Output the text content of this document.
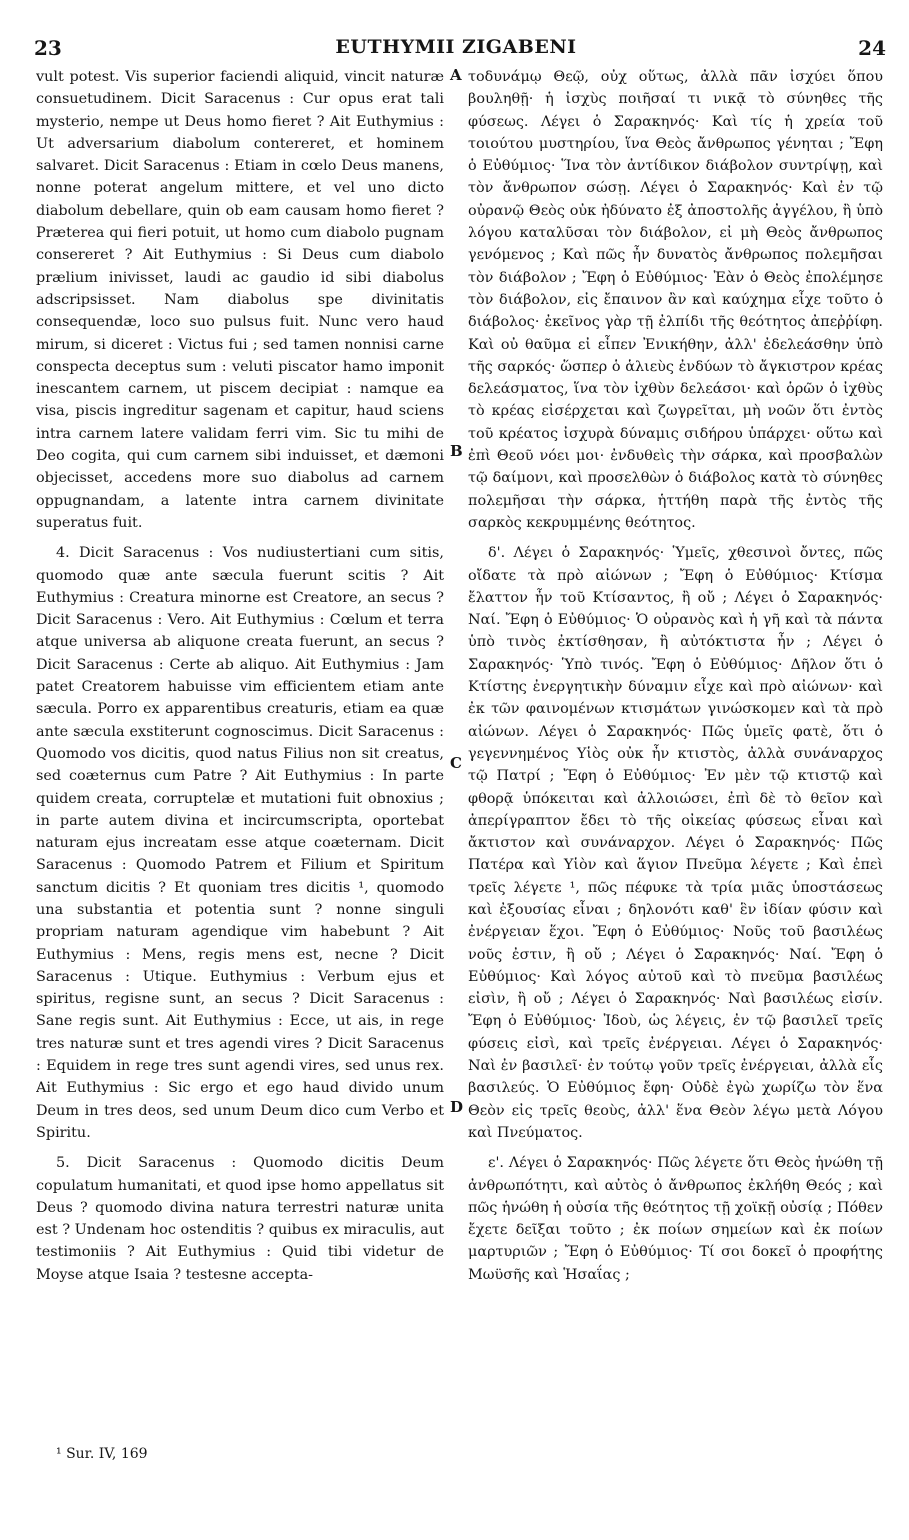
23	EUTHYMII ZIGABENI	24

vult potest. Vis superior faciendi aliquid, vincit naturæ consuetudinem. Dicit Saracenus : Cur opus erat tali mysterio, nempe ut Deus homo fieret ? Ait Euthymius : Ut adversarium diabolum contereret, et hominem salvaret. Dicit Saracenus : Etiam in cœlo Deus manens, nonne poterat angelum mittere, et vel uno dicto diabolum debellare, quin ob eam causam homo fieret ? Præterea qui fieri potuit, ut homo cum diabolo pugnam consereret ? Ait Euthymius : Si Deus cum diabolo prælium inivisset, laudi ac gaudio id sibi diabolus adscripsisset. Nam diabolus spe divinitatis consequendæ, loco suo pulsus fuit. Nunc vero haud mirum, si diceret : Victus fui ; sed tamen nonnisi carne conspecta deceptus sum : veluti piscator hamo imponit inescantem carnem, ut piscem decipiat : namque ea visa, piscis ingreditur sagenam et capitur, haud sciens intra carnem latere validam ferri vim. Sic tu mihi de Deo cogita, qui cum carnem sibi induisset, et dæmoni objecisset, accedens more suo diabolus ad carnem oppugnandam, a latente intra carnem divinitate superatus fuit.

4. Dicit Saracenus : Vos nudiustertiani cum sitis, quomodo quæ ante sæcula fuerunt scitis ? Ait Euthymius : Creatura minorne est Creatore, an secus ? Dicit Saracenus : Vero. Ait Euthymius : Cœlum et terra atque universa ab aliquone creata fuerunt, an secus ? Dicit Saracenus : Certe ab aliquo. Ait Euthymius : Jam patet Creatorem habuisse vim efficientem etiam ante sæcula. Porro ex apparentibus creaturis, etiam ea quæ ante sæcula exstiterunt cognoscimus. Dicit Saracenus : Quomodo vos dicitis, quod natus Filius non sit creatus, sed coæternus cum Patre ? Ait Euthymius : In parte quidem creata, corruptelæ et mutationi fuit obnoxius ; in parte autem divina et incircumscripta, oportebat naturam ejus increatam esse atque coæternam. Dicit Saracenus : Quomodo Patrem et Filium et Spiritum sanctum dicitis ? Et quoniam tres dicitis ¹, quomodo una substantia et potentia sunt ? nonne singuli propriam naturam agendique vim habebunt ? Ait Euthymius : Mens, regis mens est, necne ? Dicit Saracenus : Utique. Euthymius : Verbum ejus et spiritus, regisne sunt, an secus ? Dicit Saracenus : Sane regis sunt. Ait Euthymius : Ecce, ut ais, in rege tres naturæ sunt et tres agendi vires ? Dicit Saracenus : Equidem in rege tres sunt agendi vires, sed unus rex. Ait Euthymius : Sic ergo et ego haud divido unum Deum in tres deos, sed unum Deum dico cum Verbo et Spiritu.

5. Dicit Saracenus : Quomodo dicitis Deum copulatum humanitati, et quod ipse homo appellatus sit Deus ? quomodo divina natura terrestri naturæ unita est ? Undenam hoc ostenditis ? quibus ex miraculis, aut testimoniis ? Ait Euthymius : Quid tibi videtur de Moyse atque Isaia ? testesne accepta-

A
B
C
D

τοδυνάμῳ Θεῷ, οὐχ οὕτως, ἀλλὰ πᾶν ἰσχύει ὅπου βουληθῇ· ἡ ἰσχὺς ποιῆσαί τι νικᾷ τὸ σύνηθες τῆς φύσεως. Λέγει ὁ Σαρακηνός· Καὶ τίς ἡ χρεία τοῦ τοιούτου μυστηρίου, ἵνα Θεὸς ἄνθρωπος γένηται ; Ἔφη ὁ Εὐθύμιος· Ἵνα τὸν ἀντίδικον διάβολον συντρίψῃ, καὶ τὸν ἄνθρωπον σώσῃ. Λέγει ὁ Σαρακηνός· Καὶ ἐν τῷ οὐρανῷ Θεὸς οὐκ ἠδύνατο ἐξ ἀποστολῆς ἀγγέλου, ἢ ὑπὸ λόγου καταλῦσαι τὸν διάβολον, εἰ μὴ Θεὸς ἄνθρωπος γενόμενος ; Καὶ πῶς ἦν δυνατὸς ἄνθρωπος πολεμῆσαι τὸν διάβολον ; Ἔφη ὁ Εὐθύμιος· Ἐὰν ὁ Θεὸς ἐπολέμησε τὸν διάβολον, εἰς ἔπαινον ἂν καὶ καύχημα εἶχε τοῦτο ὁ διάβολος· ἐκεῖνος γὰρ τῇ ἐλπίδι τῆς θεότητος ἀπεῤῥίφη. Καὶ οὐ θαῦμα εἰ εἶπεν Ἐνικήθην, ἀλλ' ἐδελεάσθην ὑπὸ τῆς σαρκός· ὥσπερ ὁ ἁλιεὺς ἐνδύων τὸ ἄγκιστρον κρέας δελεάσματος, ἵνα τὸν ἰχθὺν δελεάσοι· καὶ ὁρῶν ὁ ἰχθὺς τὸ κρέας εἰσέρχεται καὶ ζωγρεῖται, μὴ νοῶν ὅτι ἐντὸς τοῦ κρέατος ἰσχυρὰ δύναμις σιδήρου ὑπάρχει· οὕτω καὶ ἐπὶ Θεοῦ νόει μοι· ἐνδυθεὶς τὴν σάρκα, καὶ προσβαλὼν τῷ δαίμονι, καὶ προσελθὼν ὁ διάβολος κατὰ τὸ σύνηθες πολεμῆσαι τὴν σάρκα, ἡττήθη παρὰ τῆς ἐντὸς τῆς σαρκὸς κεκρυμμένης θεότητος.

δ'. Λέγει ὁ Σαρακηνός· Ὑμεῖς, χθεσινοὶ ὄντες, πῶς οἴδατε τὰ πρὸ αἰώνων ; Ἔφη ὁ Εὐθύμιος· Κτίσμα ἔλαττον ἦν τοῦ Κτίσαντος, ἢ οὔ ; Λέγει ὁ Σαρακηνός· Ναί. Ἔφη ὁ Εὐθύμιος· Ὁ οὐρανὸς καὶ ἡ γῆ καὶ τὰ πάντα ὑπὸ τινὸς ἐκτίσθησαν, ἢ αὐτόκτιστα ἦν ; Λέγει ὁ Σαρακηνός· Ὑπὸ τινός. Ἔφη ὁ Εὐθύμιος· Δῆλον ὅτι ὁ Κτίστης ἐνεργητικὴν δύναμιν εἶχε καὶ πρὸ αἰώνων· καὶ ἐκ τῶν φαινομένων κτισμάτων γινώσκομεν καὶ τὰ πρὸ αἰώνων. Λέγει ὁ Σαρακηνός· Πῶς ὑμεῖς φατὲ, ὅτι ὁ γεγεννημένος Υἱὸς οὐκ ἦν κτιστὸς, ἀλλὰ συνάναρχος τῷ Πατρί ; Ἔφη ὁ Εὐθύμιος· Ἐν μὲν τῷ κτιστῷ καὶ φθορᾷ ὑπόκειται καὶ ἀλλοιώσει, ἐπὶ δὲ τὸ θεῖον καὶ ἀπερίγραπτον ἔδει τὸ τῆς οἰκείας φύσεως εἶναι καὶ ἄκτιστον καὶ συνάναρχον. Λέγει ὁ Σαρακηνός· Πῶς Πατέρα καὶ Υἱὸν καὶ ἅγιον Πνεῦμα λέγετε ; Καὶ ἐπεὶ τρεῖς λέγετε ¹, πῶς πέφυκε τὰ τρία μιᾶς ὑποστάσεως καὶ ἐξουσίας εἶναι ; δηλονότι καθ' ἓν ἰδίαν φύσιν καὶ ἐνέργειαν ἕχοι. Ἔφη ὁ Εὐθύμιος· Νοῦς τοῦ βασιλέως νοῦς ἐστιν, ἢ οὔ ; Λέγει ὁ Σαρακηνός· Ναί. Ἔφη ὁ Εὐθύμιος· Καὶ λόγος αὐτοῦ καὶ τὸ πνεῦμα βασιλέως εἰσὶν, ἢ οὔ ; Λέγει ὁ Σαρακηνός· Ναὶ βασιλέως εἰσίν. Ἔφη ὁ Εὐθύμιος· Ἰδοὺ, ὡς λέγεις, ἐν τῷ βασιλεῖ τρεῖς φύσεις εἰσὶ, καὶ τρεῖς ἐνέργειαι. Λέγει ὁ Σαρακηνός· Ναὶ ἐν βασιλεῖ· ἐν τούτῳ γοῦν τρεῖς ἐνέργειαι, ἀλλὰ εἷς βασιλεύς. Ὁ Εὐθύμιος ἔφη· Οὐδὲ ἐγὼ χωρίζω τὸν ἕνα Θεὸν εἰς τρεῖς θεοὺς, ἀλλ' ἕνα Θεὸν λέγω μετὰ Λόγου καὶ Πνεύματος.

ε'. Λέγει ὁ Σαρακηνός· Πῶς λέγετε ὅτι Θεὸς ἡνώθη τῇ ἀνθρωπότητι, καὶ αὐτὸς ὁ ἄνθρωπος ἐκλήθη Θεός ; καὶ πῶς ἡνώθη ἡ οὐσία τῆς θεότητος τῇ χοϊκῇ οὐσίᾳ ; Πόθεν ἔχετε δεῖξαι τοῦτο ; ἐκ ποίων σημείων καὶ ἐκ ποίων μαρτυριῶν ; Ἔφη ὁ Εὐθύμιος· Τί σοι δοκεῖ ὁ προφήτης Μωϋσῆς καὶ Ἡσαΐας ;

¹ Sur. IV, 169
